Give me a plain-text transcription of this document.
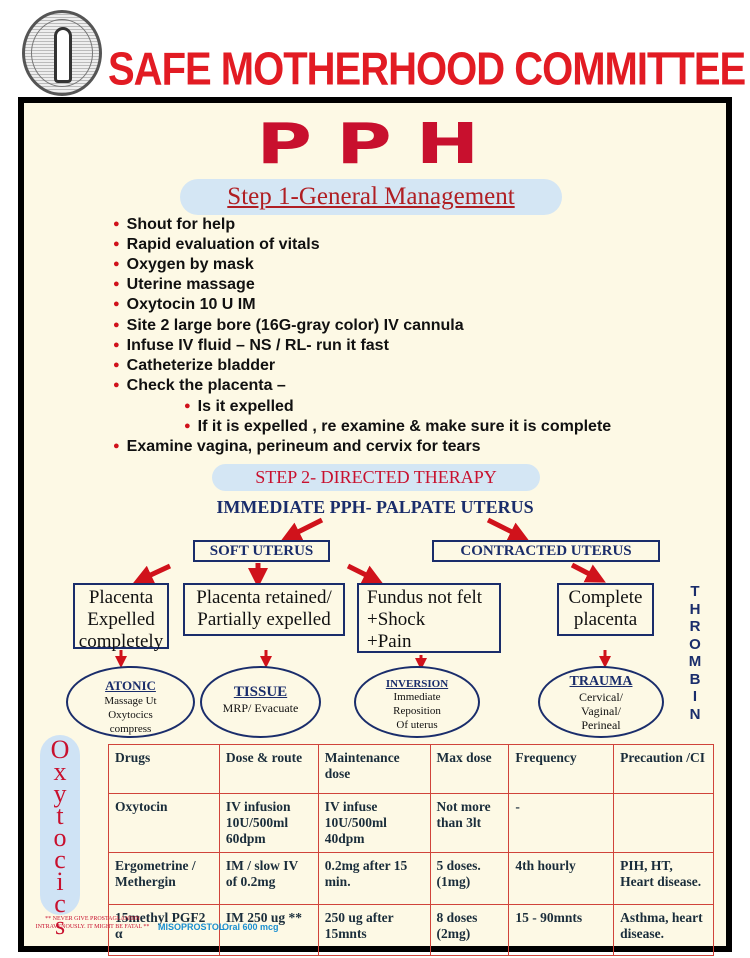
SAFE MOTHERHOOD COMMITTEE
PPH
Step 1-General Management
● Shout for help
● Rapid evaluation of vitals
● Oxygen by mask
● Uterine massage
● Oxytocin 10 U IM
● Site 2 large bore (16G-gray color) IV cannula
● Infuse IV fluid – NS / RL- run it fast
● Catheterize bladder
● Check the placenta –
● Is it expelled
● If it is expelled , re examine & make sure it is complete
● Examine vagina, perineum and cervix for tears
STEP 2- DIRECTED THERAPY
IMMEDIATE PPH- PALPATE UTERUS
SOFT UTERUS	CONTRACTED UTERUS
Placenta
Expelled
completely
Placenta retained/
Partially expelled
Fundus not felt
+Shock
+Pain
Complete
placenta
ATONIC
Massage Ut
Oxytocics
compress
TISSUE
MRP/ Evacuate
INVERSION
Immediate
Reposition
Of uterus
TRAUMA
Cervical/
Vaginal/
Perineal
T
H
R
O
M
B
I
N
O
x
y
t
o
c
i
c
s
Drugs	Dose & route	Maintenance dose	Max dose	Frequency	Precaution /CI
Oxytocin	IV infusion 10U/500ml 60dpm	IV infuse 10U/500ml 40dpm	Not more than 3lt	-	
Ergometrine / Methergin	IM / slow IV of 0.2mg	0.2mg after 15 min.	5 doses. (1mg)	4th hourly	PIH, HT, Heart disease.
15methyl PGF2 α	IM 250 ug **	250 ug after 15mnts	8 doses (2mg)	15 - 90mnts	Asthma, heart disease.
** NEVER GIVE PROSTAGLANDIN INTRAVENOUSLY. IT MIGHT BE FATAL ** MISOPROSTOL
Oral 600 mcg
